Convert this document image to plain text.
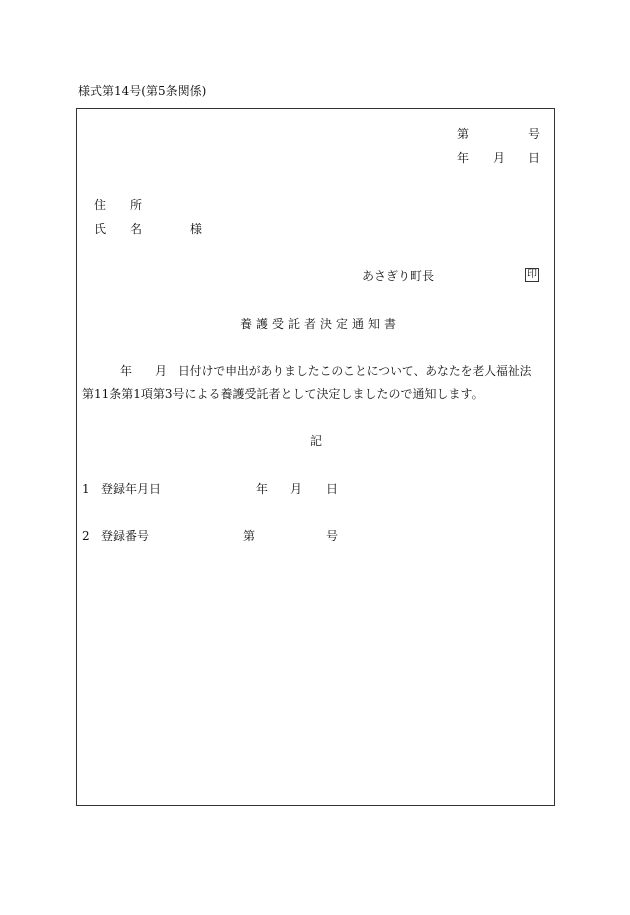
様式第14号(第5条関係)
第	号
年 月 日
住 所
氏 名	様
あさぎり町長	印
養護受託者決定通知書
年 月 日付けで申出がありましたこのことについて、あなたを老人福祉法
第11条第1項第3号による養護受託者として決定しましたので通知します。
記
1 登録年月日	年 月 日
2 登録番号	第	号
